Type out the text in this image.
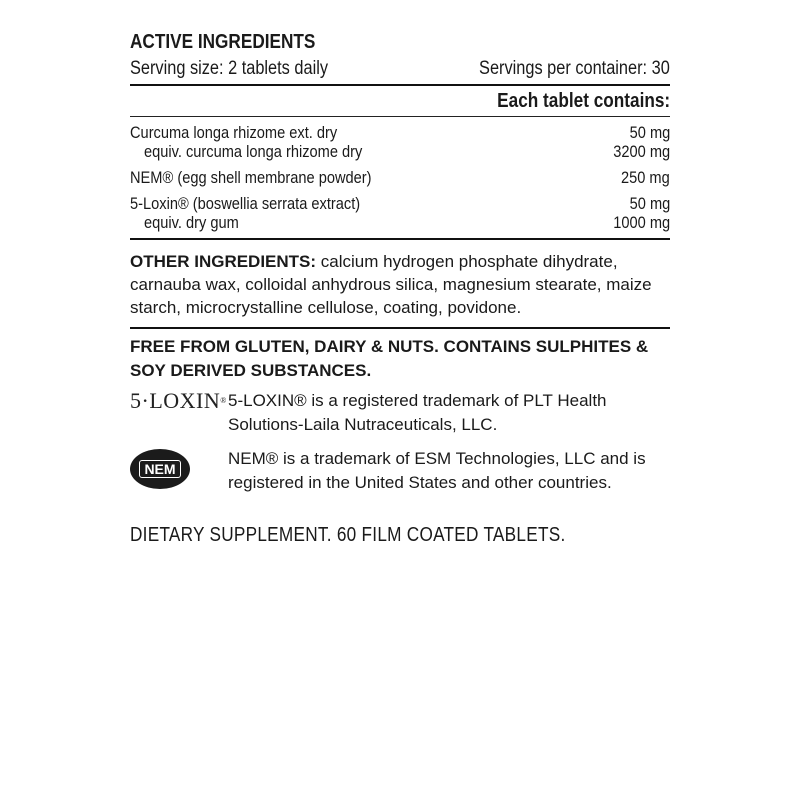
ACTIVE INGREDIENTS
Serving size: 2 tablets daily	Servings per container: 30
Each tablet contains:
Curcuma longa rhizome ext. dry	50 mg
equiv. curcuma longa rhizome dry	3200 mg
NEM® (egg shell membrane powder)	250 mg
5-Loxin® (boswellia serrata extract)	50 mg
equiv. dry gum	1000 mg
OTHER INGREDIENTS: calcium hydrogen phosphate dihydrate, carnauba wax, colloidal anhydrous silica, magnesium stearate, maize starch, microcrystalline cellulose, coating, povidone.
FREE FROM GLUTEN, DAIRY & NUTS. CONTAINS SULPHITES & SOY DERIVED SUBSTANCES.
5·LOXIN® 5-LOXIN® is a registered trademark of PLT Health Solutions-Laila Nutraceuticals, LLC.
NEM
NEM® is a trademark of ESM Technologies, LLC and is registered in the United States and other countries.
DIETARY SUPPLEMENT. 60 FILM COATED TABLETS.
